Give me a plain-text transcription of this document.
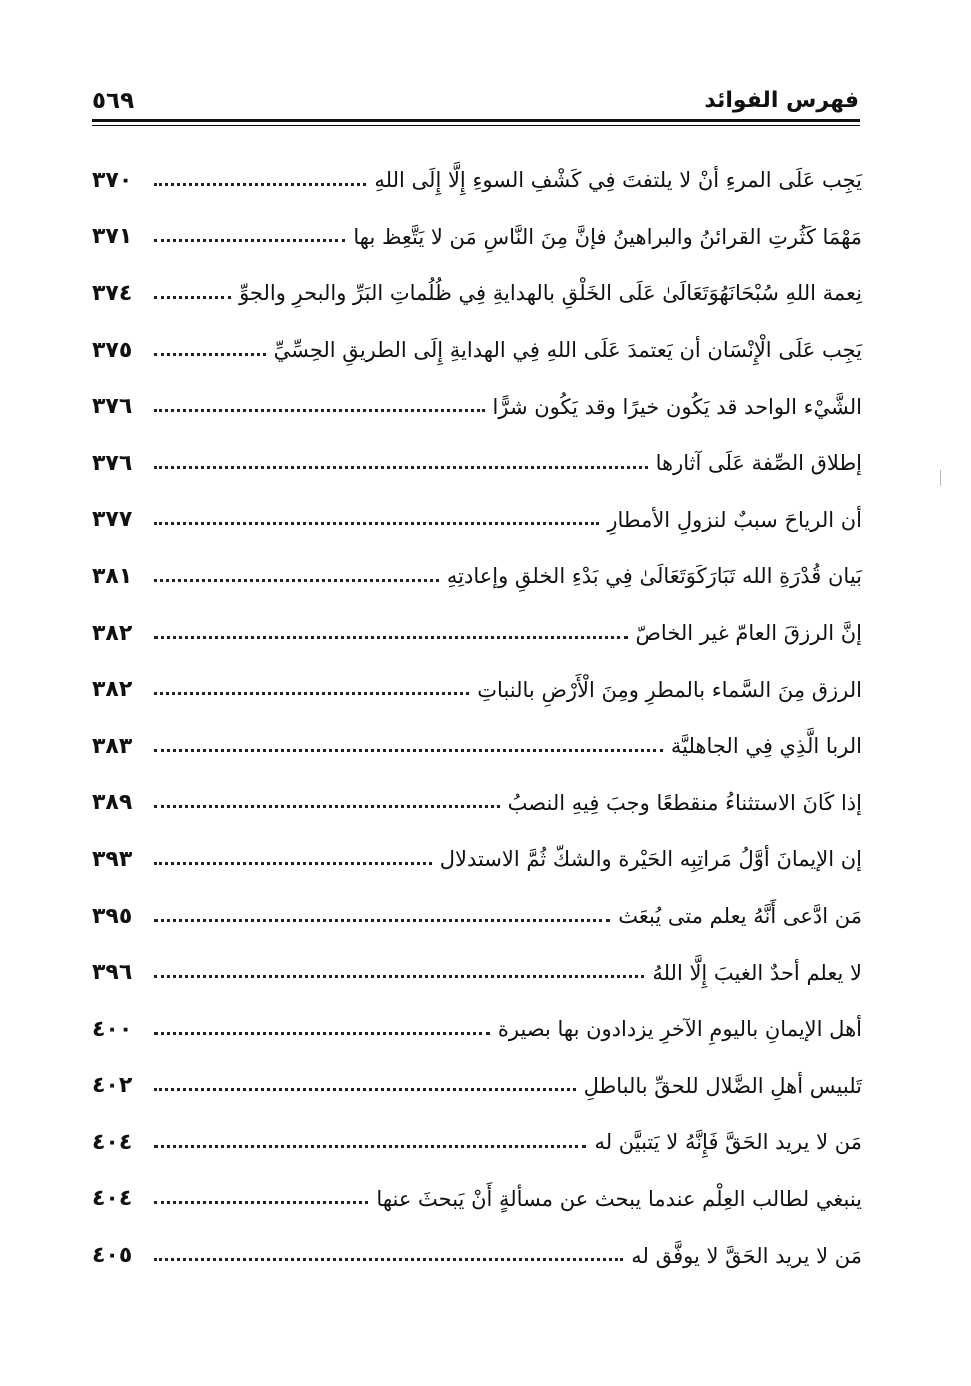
فهرس الفوائد
٥٦٩
يَجِب عَلَى المرءِ أنْ لا يلتفتَ فِي كَشْفِ السوءِ إِلَّا إِلَى اللهِ
٣٧٠
مَهْمَا كَثُرتِ القرائنُ والبراهينُ فإنَّ مِنَ النَّاسِ مَن لا يَتَّعِظ بها
٣٧١
نِعمة اللهِ سُبْحَانَهُوَتَعَالَىٰ عَلَى الخَلْقِ بالهدايةِ فِي ظُلُماتِ البَرِّ والبحرِ والجوِّ
٣٧٤
يَجِب عَلَى الْإِنْسَان أن يَعتمدَ عَلَى اللهِ فِي الهدايةِ إِلَى الطريقِ الحِسِّيِّ
٣٧٥
الشَّيْء الواحد قد يَكُون خيرًا وقد يَكُون شرًّا
٣٧٦
إطلاق الصِّفة عَلَى آثارها
٣٧٦
أن الرياحَ سببٌ لنزولِ الأمطارِ
٣٧٧
بَيان قُدْرَةِ الله تَبَارَكَوَتَعَالَىٰ فِي بَدْءِ الخلقِ وإعادتِهِ
٣٨١
إنَّ الرزقَ العامّ غير الخاصّ
٣٨٢
الرزق مِنَ السَّماء بالمطرِ ومِنَ الْأَرْضِ بالنباتِ
٣٨٢
الربا الَّذِي فِي الجاهليَّة
٣٨٣
إذا كَانَ الاستثناءُ منقطعًا وجبَ فِيهِ النصبُ
٣٨٩
إن الإيمانَ أوَّلُ مَراتِبِه الحَيْرة والشكّ ثُمَّ الاستدلال
٣٩٣
مَن ادَّعى أَنَّهُ يعلم متى يُبعَث
٣٩٥
لا يعلم أحدٌ الغيبَ إِلَّا اللهُ
٣٩٦
أهل الإيمانِ باليومِ الآخرِ يزدادون بها بصيرة
٤٠٠
تَلبيس أهلِ الضَّلال للحقِّ بالباطلِ
٤٠٢
مَن لا يريد الحَقَّ فَإِنَّهُ لا يَتبيَّن له
٤٠٤
ينبغي لطالب العِلْم عندما يبحث عن مسألةٍ أَنْ يَبحثَ عنها
٤٠٤
مَن لا يريد الحَقَّ لا يوفَّق له
٤٠٥
